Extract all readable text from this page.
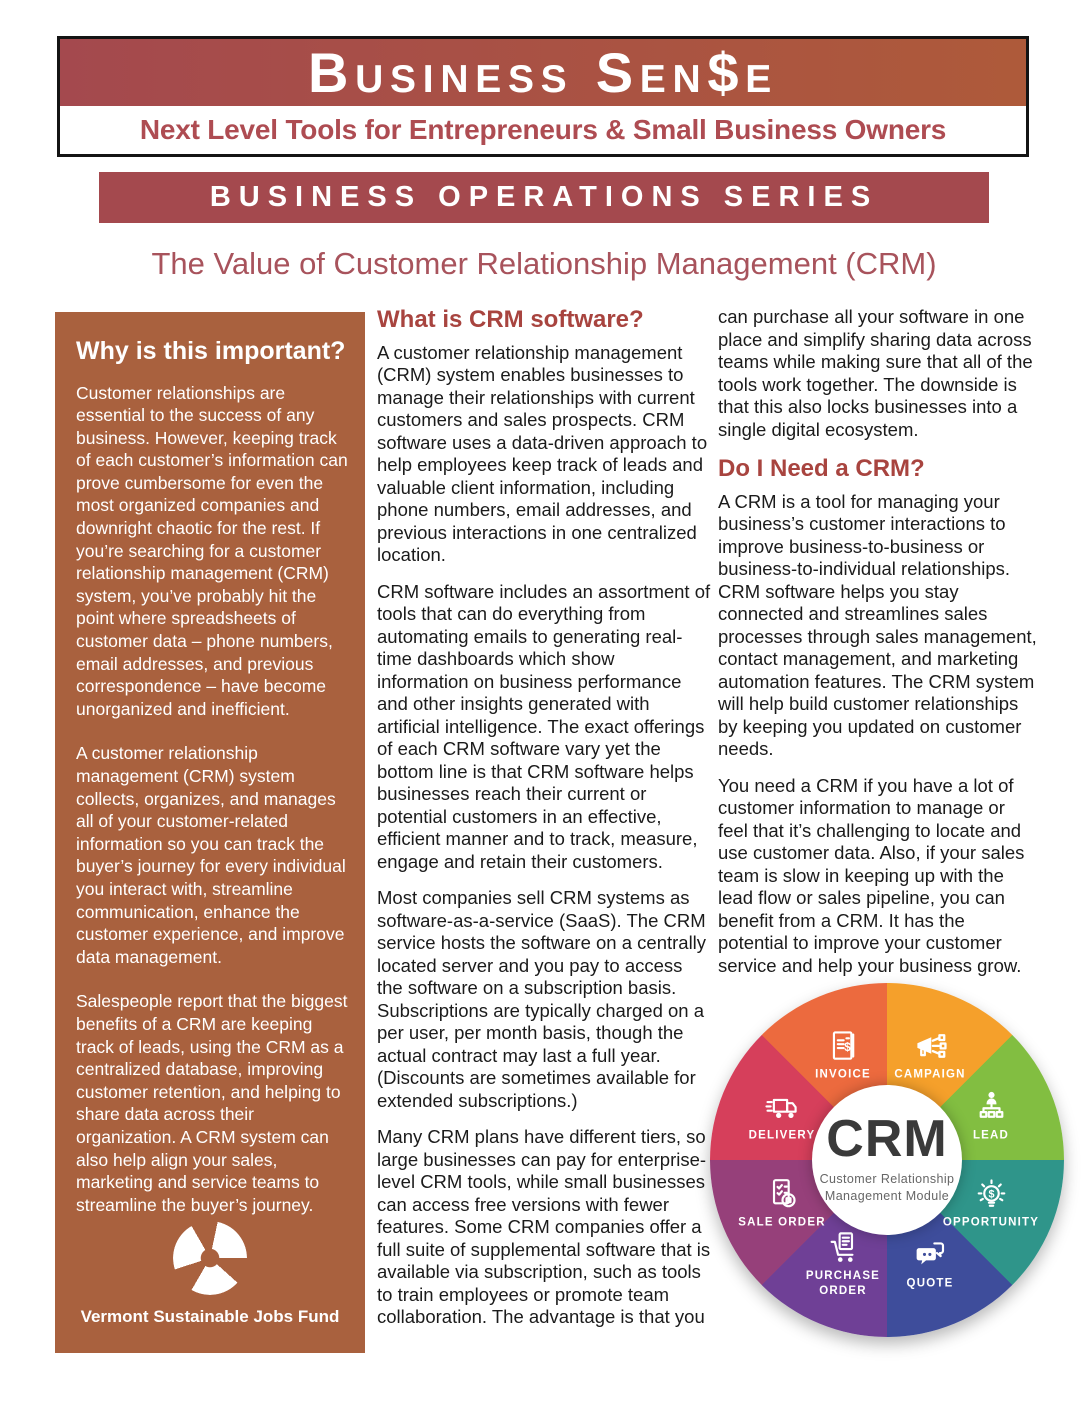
Business Sen$e
Next Level Tools for Entrepreneurs & Small Business Owners
BUSINESS OPERATIONS SERIES
The Value of Customer Relationship Management (CRM)
Why is this important?

Customer relationships are essential to the success of any business. However, keeping track of each customer’s information can prove cumbersome for even the most organized companies and downright chaotic for the rest. If you’re searching for a customer relationship management (CRM) system, you’ve probably hit the point where spreadsheets of customer data – phone numbers, email addresses, and previous correspondence – have become unorganized and inefficient.

A customer relationship management (CRM) system collects, organizes, and manages all of your customer-related information so you can track the buyer’s journey for every individual you interact with, streamline communication, enhance the customer experience, and improve data management.

Salespeople report that the biggest benefits of a CRM are keeping track of leads, using the CRM as a centralized database, improving customer retention, and helping to share data across their organization. A CRM system can also help align your sales, marketing and service teams to streamline the buyer’s journey.

Vermont Sustainable Jobs Fund
What is CRM software?

A customer relationship management (CRM) system enables businesses to manage their relationships with current customers and sales prospects. CRM software uses a data-driven approach to help employees keep track of leads and valuable client information, including phone numbers, email addresses, and previous interactions in one centralized location.

CRM software includes an assortment of tools that can do everything from automating emails to generating real-time dashboards which show information on business performance and other insights generated with artificial intelligence. The exact offerings of each CRM software vary yet the bottom line is that CRM software helps businesses reach their current or potential customers in an effective, efficient manner and to track, measure, engage and retain their customers.

Most companies sell CRM systems as software-as-a-service (SaaS). The CRM service hosts the software on a centrally located server and you pay to access the software on a subscription basis. Subscriptions are typically charged on a per user, per month basis, though the actual contract may last a full year. (Discounts are sometimes available for extended subscriptions.)

Many CRM plans have different tiers, so large businesses can pay for enterprise-level CRM tools, while small businesses can access free versions with fewer features. Some CRM companies offer a full suite of supplemental software that is available via subscription, such as tools to train employees or promote team collaboration. The advantage is that you

can purchase all your software in one place and simplify sharing data across teams while making sure that all of the tools work together. The downside is that this also locks businesses into a single digital ecosystem.

Do I Need a CRM?

A CRM is a tool for managing your business’s customer interactions to improve business-to-business or business-to-individual relationships. CRM software helps you stay connected and streamlines sales processes through sales management, contact management, and marketing automation features. The CRM system will help build customer relationships by keeping you updated on customer needs.

You need a CRM if you have a lot of customer information to manage or feel that it’s challenging to locate and use customer data. Also, if your sales team is slow in keeping up with the lead flow or sales pipeline, you can benefit from a CRM. It has the potential to improve your customer service and help your business grow.

CAMPAIGN
LEAD
$
OPPORTUNITY
QUOTE
PURCHASE ORDER
SALE ORDER
DELIVERY
$
INVOICE
CRM
Customer Relationship
Management Module
